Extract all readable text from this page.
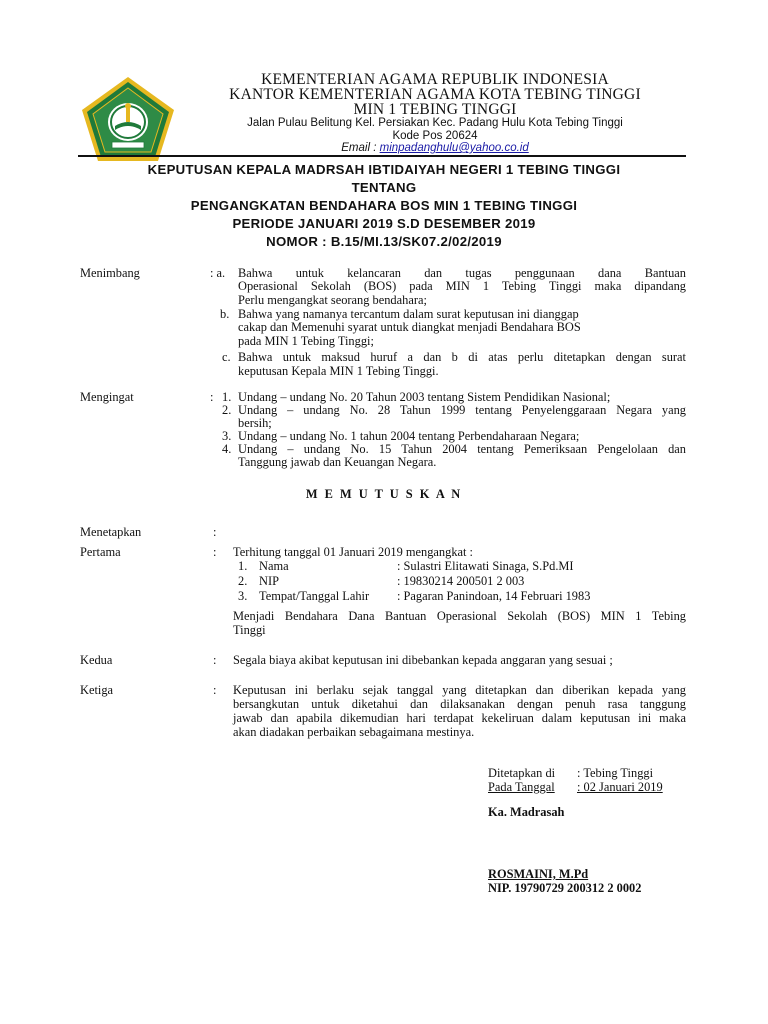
KEMENTERIAN AGAMA REPUBLIK INDONESIA
KANTOR KEMENTERIAN AGAMA KOTA TEBING TINGGI
MIN 1 TEBING TINGGI
Jalan Pulau Belitung Kel. Persiakan Kec. Padang Hulu Kota Tebing Tinggi
Kode Pos 20624
Email : minpadanghulu@yahoo.co.id
KEPUTUSAN KEPALA MADRSAH IBTIDAIYAH NEGERI 1 TEBING TINGGI
TENTANG
PENGANGKATAN BENDAHARA BOS MIN 1 TEBING TINGGI
PERIODE JANUARI 2019 S.D DESEMBER 2019
NOMOR : B.15/MI.13/SK07.2/02/2019
Menimbang	: a. Bahwa untuk kelancaran dan tugas penggunaan dana Bantuan
Operasional Sekolah (BOS) pada MIN 1 Tebing Tinggi maka dipandang
Perlu mengangkat seorang bendahara;
b. Bahwa yang namanya tercantum dalam surat keputusan ini dianggap
cakap dan Memenuhi syarat untuk diangkat menjadi Bendahara BOS
pada MIN 1 Tebing Tinggi;
c. Bahwa untuk maksud huruf a dan b di atas perlu ditetapkan dengan surat
keputusan Kepala MIN 1 Tebing Tinggi.
Mengingat	: 1. Undang – undang No. 20 Tahun 2003 tentang Sistem Pendidikan Nasional;
2. Undang – undang No. 28 Tahun 1999 tentang Penyelenggaraan Negara yang
bersih;
3. Undang – undang No. 1 tahun 2004 tentang Perbendaharaan Negara;
4. Undang – undang No. 15 Tahun 2004 tentang Pemeriksaan Pengelolaan dan
Tanggung jawab dan Keuangan Negara.
M E M U T U S K A N
Menetapkan	:
Pertama	: Terhitung tanggal 01 Januari 2019 mengangkat :
1. Nama	: Sulastri Elitawati Sinaga, S.Pd.MI
2. NIP	: 19830214 200501 2 003
3. Tempat/Tanggal Lahir : Pagaran Panindoan, 14 Februari 1983
Menjadi Bendahara Dana Bantuan Operasional Sekolah (BOS) MIN 1 Tebing
Tinggi
Kedua	: Segala biaya akibat keputusan ini dibebankan kepada anggaran yang sesuai ;
Ketiga	: Keputusan ini berlaku sejak tanggal yang ditetapkan dan diberikan kepada yang
bersangkutan untuk diketahui dan dilaksanakan dengan penuh rasa tanggung
jawab dan apabila dikemudian hari terdapat kekeliruan dalam keputusan ini maka
akan diadakan perbaikan sebagaimana mestinya.
Ditetapkan di : Tebing Tinggi
Pada Tanggal : 02 Januari 2019
Ka. Madrasah
ROSMAINI, M.Pd
NIP. 19790729 200312 2 0002
